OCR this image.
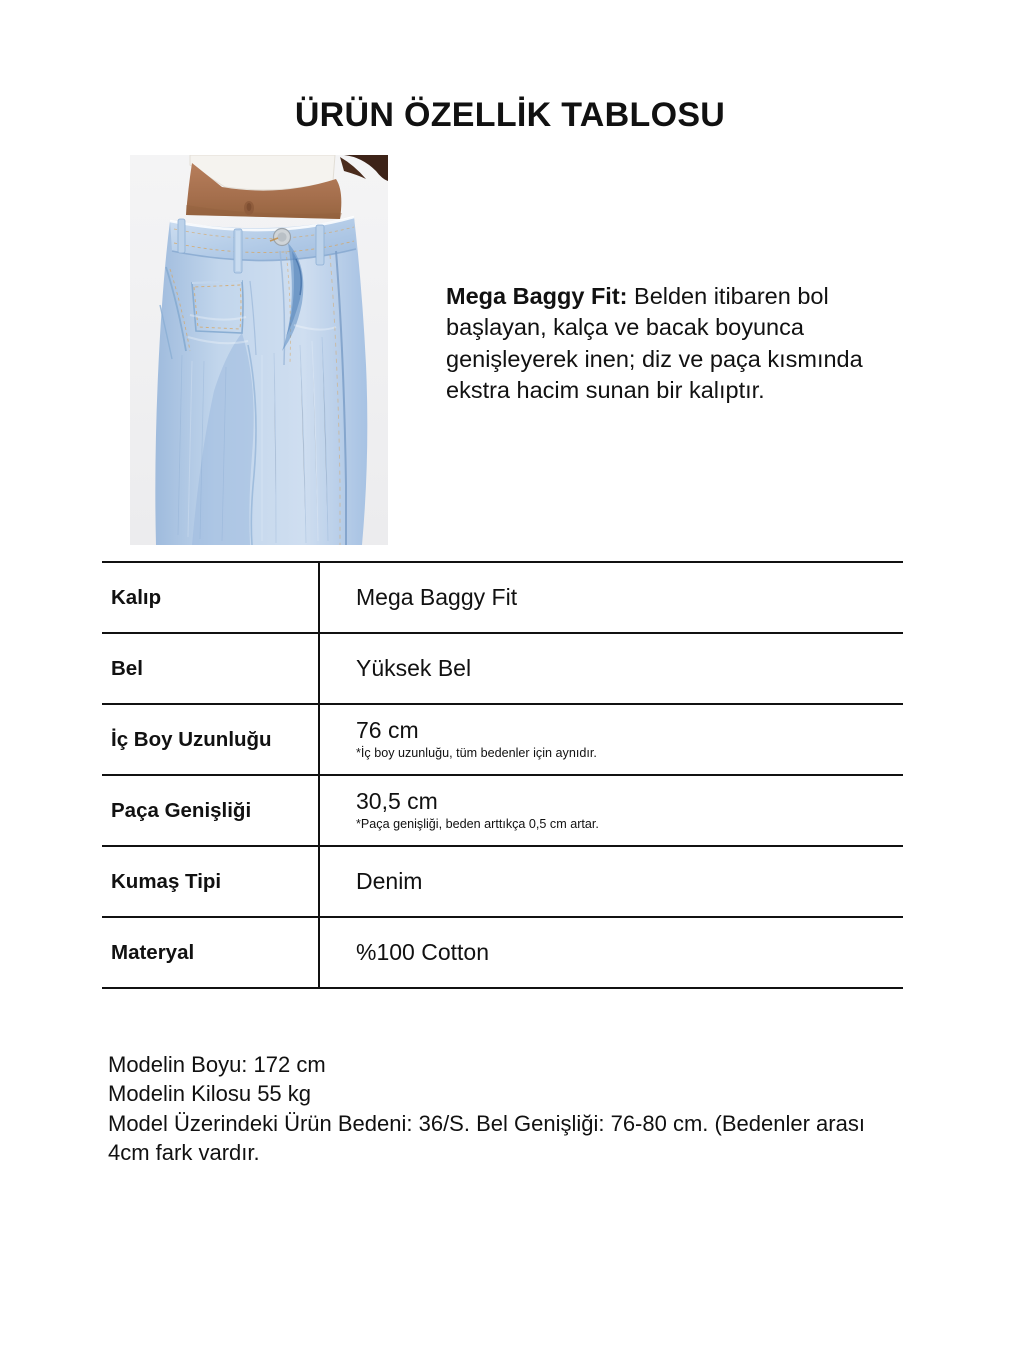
ÜRÜN ÖZELLİK TABLOSU
Mega Baggy Fit: Belden itibaren bol başlayan, kalça ve bacak boyunca genişleyerek inen; diz ve paça kısmında ekstra hacim sunan bir kalıptır.
Kalıp	Mega Baggy Fit

Bel	Yüksek Bel

İç Boy Uzunluğu	76 cm
*İç boy uzunluğu, tüm bedenler için aynıdır.

Paça Genişliği	30,5 cm
*Paça genişliği, beden arttıkça 0,5 cm artar.

Kumaş Tipi	Denim

Materyal	%100 Cotton
Modelin Boyu: 172 cm
Modelin Kilosu 55 kg
Model Üzerindeki Ürün Bedeni: 36/S. Bel Genişliği: 76-80 cm. (Bedenler arası 4cm fark vardır.
